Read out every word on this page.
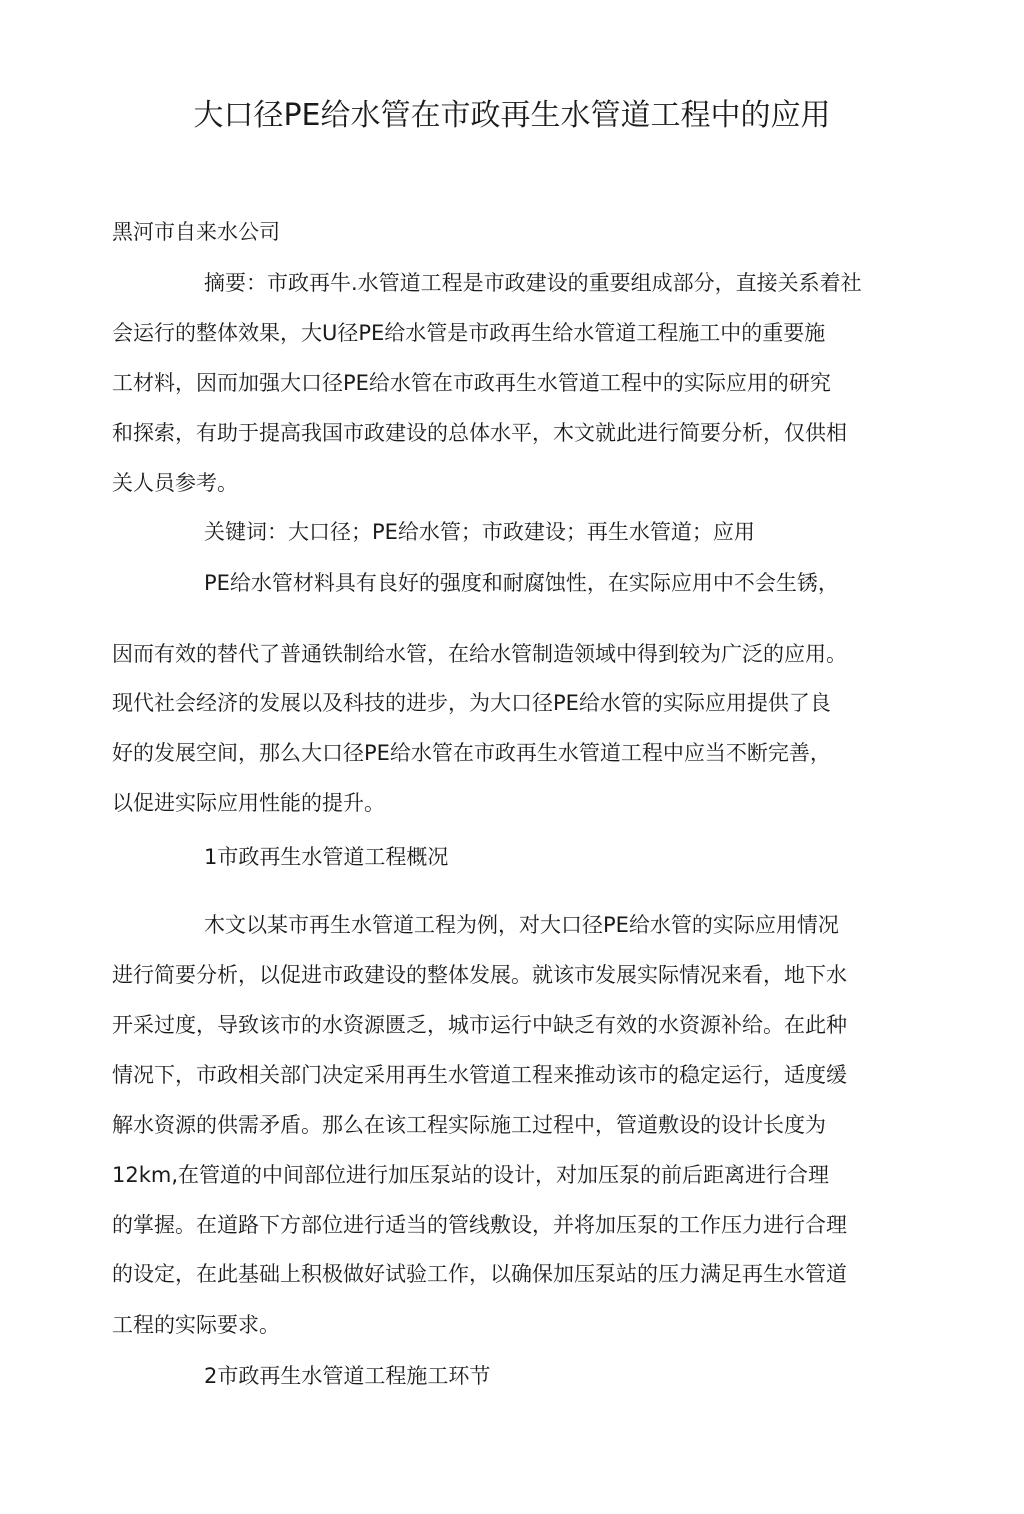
大口径PE给水管在市政再生水管道工程中的应用
黑河市自来水公司
摘要：市政再牛.水管道工程是市政建设的重要组成部分，直接关系着社
会运行的整体效果，大U径PE给水管是市政再生给水管道工程施工中的重要施
工材料，因而加强大口径PE给水管在市政再生水管道工程中的实际应用的研究
和探索，有助于提高我国市政建设的总体水平，木文就此进行简要分析，仅供相
关人员参考。
关键词：大口径；PE给水管；市政建设；再生水管道；应用
PE给水管材料具有良好的强度和耐腐蚀性，在实际应用中不会生锈，
因而有效的替代了普通铁制给水管，在给水管制造领域中得到较为广泛的应用。
现代社会经济的发展以及科技的进步，为大口径PE给水管的实际应用提供了良
好的发展空间，那么大口径PE给水管在市政再生水管道工程中应当不断完善，
以促进实际应用性能的提升。
1市政再生水管道工程概况
木文以某市再生水管道工程为例，对大口径PE给水管的实际应用情况
进行简要分析，以促进市政建设的整体发展。就该市发展实际情况来看，地下水
开采过度，导致该市的水资源匮乏，城市运行中缺乏有效的水资源补给。在此种
情况下，市政相关部门决定采用再生水管道工程来推动该市的稳定运行，适度缓
解水资源的供需矛盾。那么在该工程实际施工过程中，管道敷设的设计长度为
12km,在管道的中间部位进行加压泵站的设计，对加压泵的前后距离进行合理
的掌握。在道路下方部位进行适当的管线敷设，并将加压泵的工作压力进行合理
的设定，在此基础上积极做好试验工作，以确保加压泵站的压力满足再生水管道
工程的实际要求。
2市政再生水管道工程施工环节
